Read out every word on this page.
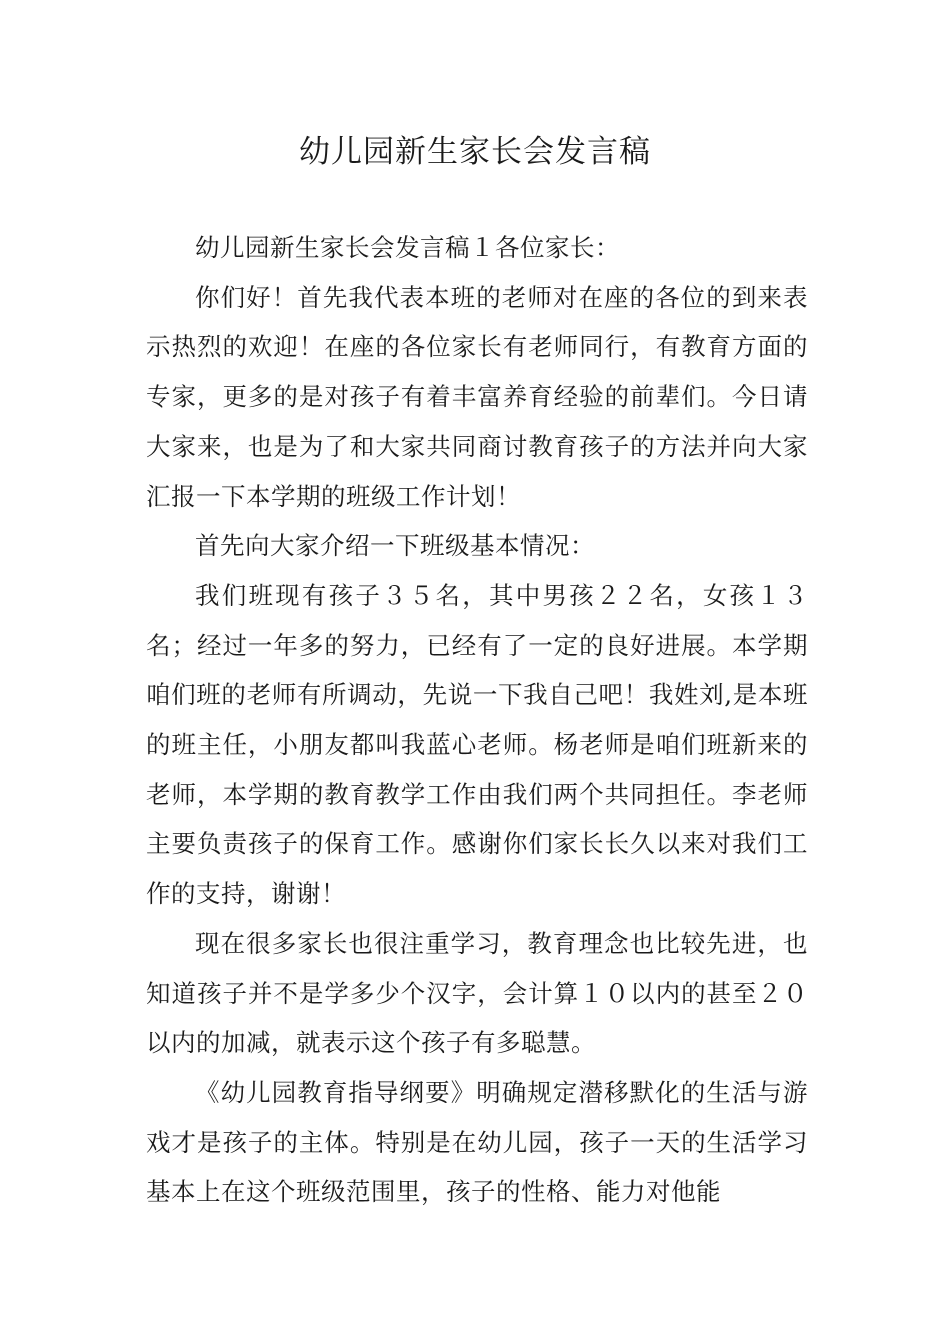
幼儿园新生家长会发言稿

幼儿园新生家长会发言稿１各位家长：

你们好！首先我代表本班的老师对在座的各位的到来表示热烈的欢迎！在座的各位家长有老师同行，有教育方面的专家，更多的是对孩子有着丰富养育经验的前辈们。今日请大家来，也是为了和大家共同商讨教育孩子的方法并向大家汇报一下本学期的班级工作计划！

首先向大家介绍一下班级基本情况：

我们班现有孩子３５名，其中男孩２２名，女孩１３名；经过一年多的努力，已经有了一定的良好进展。本学期咱们班的老师有所调动，先说一下我自己吧！我姓刘,是本班的班主任，小朋友都叫我蓝心老师。杨老师是咱们班新来的老师，本学期的教育教学工作由我们两个共同担任。李老师主要负责孩子的保育工作。感谢你们家长长久以来对我们工作的支持，谢谢！

现在很多家长也很注重学习，教育理念也比较先进，也知道孩子并不是学多少个汉字，会计算１０以内的甚至２０以内的加减，就表示这个孩子有多聪慧。

《幼儿园教育指导纲要》明确规定潜移默化的生活与游戏才是孩子的主体。特别是在幼儿园，孩子一天的生活学习基本上在这个班级范围里，孩子的性格、能力对他能
